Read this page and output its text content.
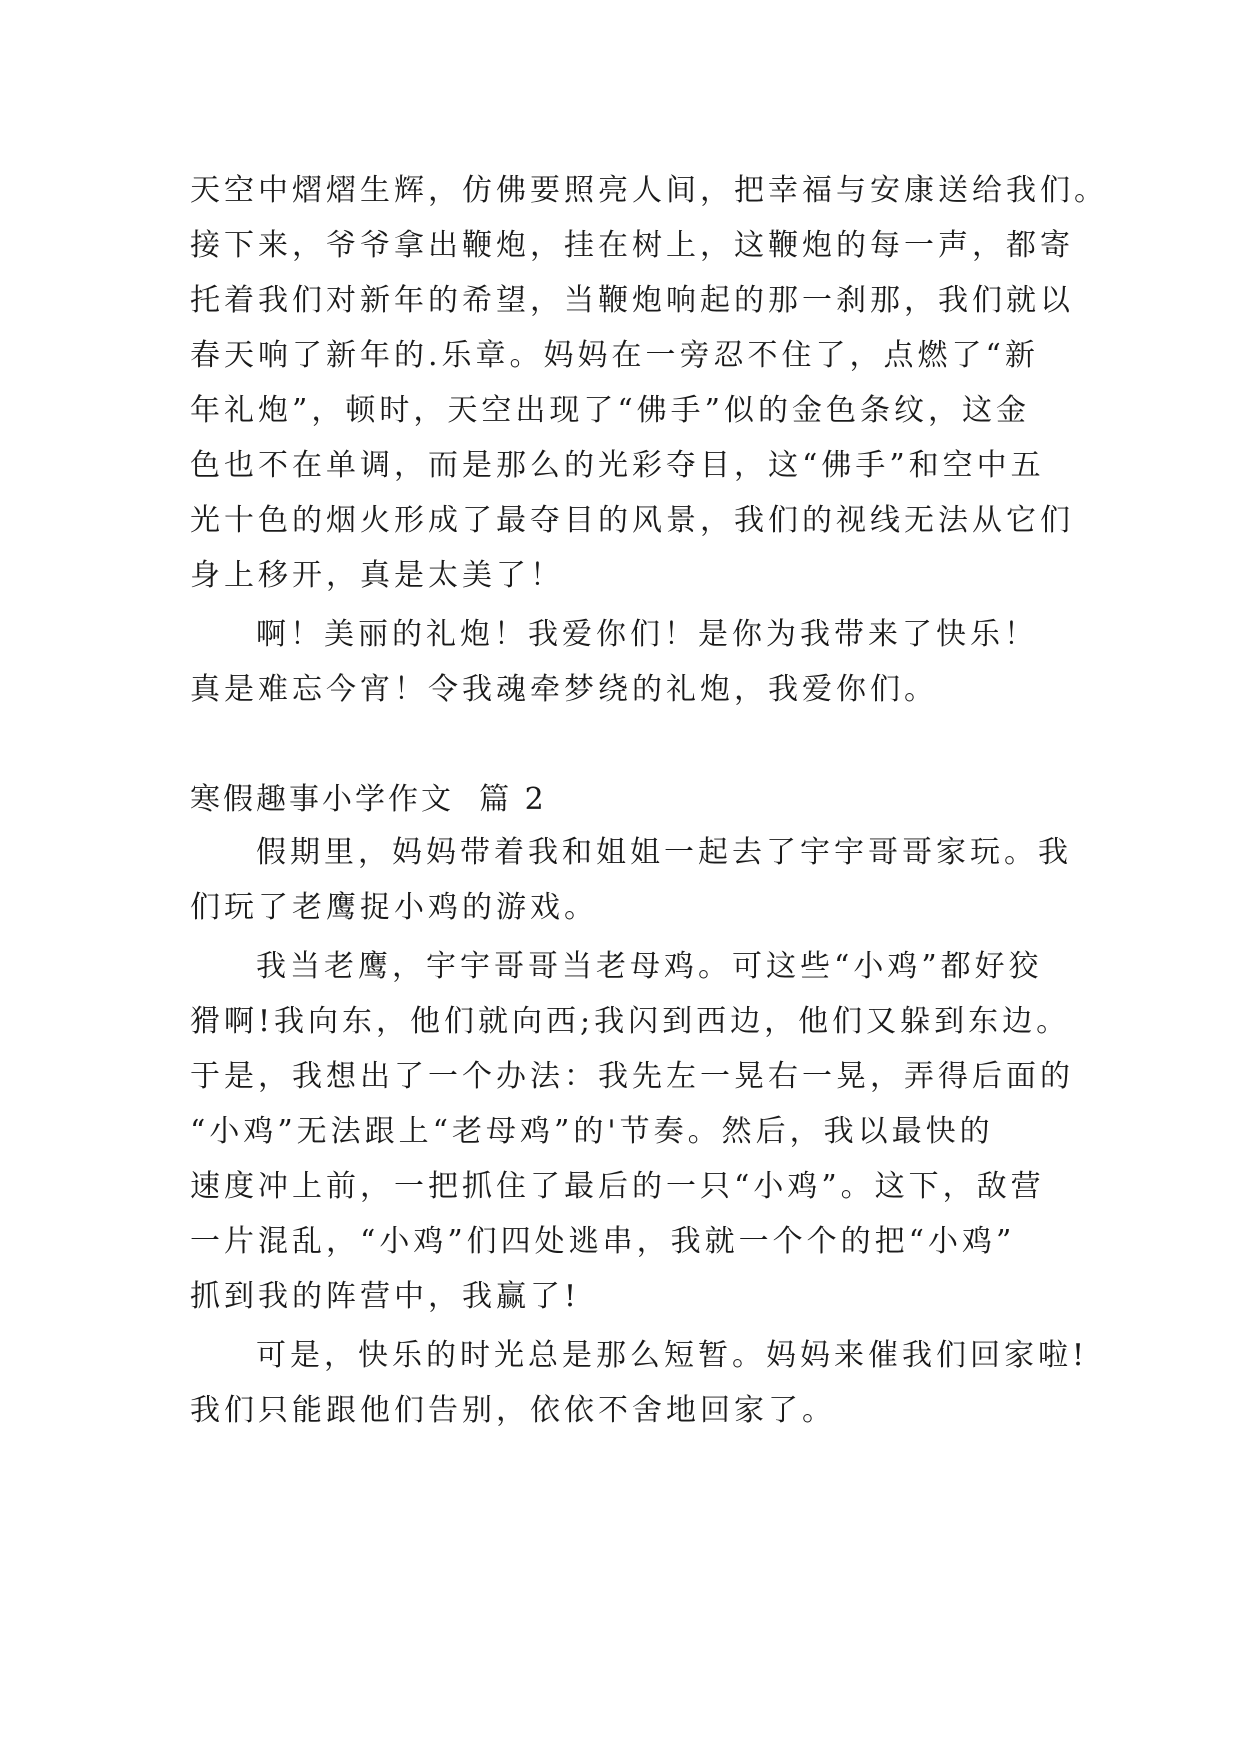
天空中熠熠生辉，仿佛要照亮人间，把幸福与安康送给我们。
接下来，爷爷拿出鞭炮，挂在树上，这鞭炮的每一声，都寄
托着我们对新年的希望，当鞭炮响起的那一刹那，我们就以
春天响了新年的.乐章。妈妈在一旁忍不住了，点燃了“新
年礼炮”，顿时，天空出现了“佛手”似的金色条纹，这金
色也不在单调，而是那么的光彩夺目，这“佛手”和空中五
光十色的烟火形成了最夺目的风景，我们的视线无法从它们
身上移开，真是太美了！
啊！美丽的礼炮！我爱你们！是你为我带来了快乐！
真是难忘今宵！令我魂牵梦绕的礼炮，我爱你们。
寒假趣事小学作文  篇 2
假期里，妈妈带着我和姐姐一起去了宇宇哥哥家玩。我
们玩了老鹰捉小鸡的游戏。
我当老鹰，宇宇哥哥当老母鸡。可这些“小鸡”都好狡
猾啊!我向东，他们就向西;我闪到西边，他们又躲到东边。
于是，我想出了一个办法：我先左一晃右一晃，弄得后面的
“小鸡”无法跟上“老母鸡”的'节奏。然后，我以最快的
速度冲上前，一把抓住了最后的一只“小鸡”。这下，敌营
一片混乱，“小鸡”们四处逃串，我就一个个的把“小鸡”
抓到我的阵营中，我赢了!
可是，快乐的时光总是那么短暂。妈妈来催我们回家啦!
我们只能跟他们告别，依依不舍地回家了。
